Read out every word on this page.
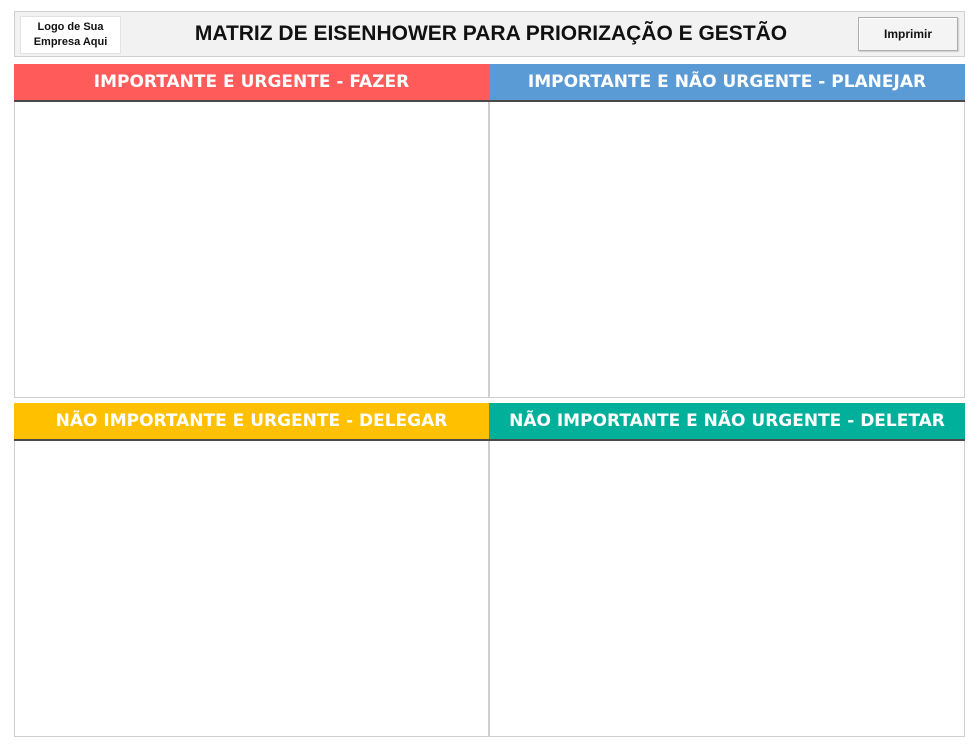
Logo de Sua
Empresa Aqui	MATRIZ DE EISENHOWER PARA PRIORIZAÇÃO E GESTÃO	Imprimir
IMPORTANTE E URGENTE - FAZER	IMPORTANTE E NÃO URGENTE - PLANEJAR
NÃO IMPORTANTE E URGENTE - DELEGAR	NÃO IMPORTANTE E NÃO URGENTE - DELETAR
